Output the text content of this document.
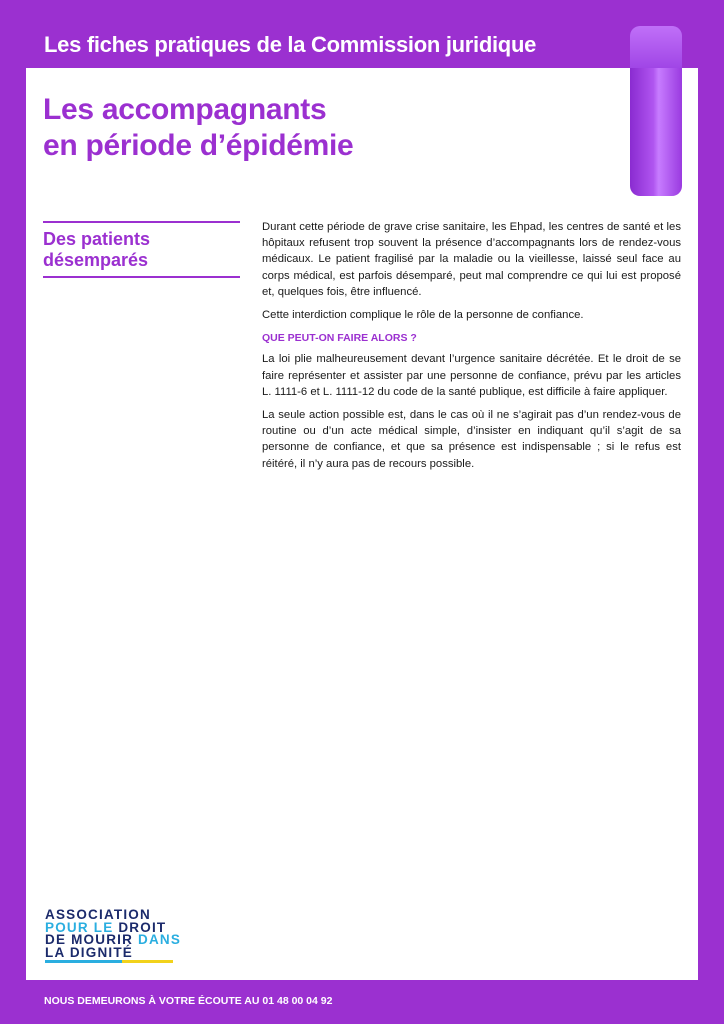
Les fiches pratiques de la Commission juridique
Les accompagnants
en période d’épidémie
Des patients
désemparés

Durant cette période de grave crise sanitaire, les Ehpad, les centres de santé et les hôpitaux refusent trop souvent la présence d’accompagnants lors de rendez-vous médicaux. Le patient fragilisé par la maladie ou la vieillesse, laissé seul face au corps médical, est parfois désemparé, peut mal comprendre ce qui lui est proposé et, quelques fois, être influencé.

Cette interdiction complique le rôle de la personne de confiance.

QUE PEUT-ON FAIRE ALORS ?

La loi plie malheureusement devant l’urgence sanitaire décrétée. Et le droit de se faire représenter et assister par une personne de confiance, prévu par les articles L. 1111-6 et L. 1111-12 du code de la santé publique, est difficile à faire appliquer.

La seule action possible est, dans le cas où il ne s’agirait pas d’un rendez-vous de routine ou d’un acte médical simple, d’insister en indiquant qu’il s’agit de sa personne de confiance, et que sa présence est indispensable ; si le refus est réitéré, il n’y aura pas de recours possible.

ASSOCIATION
POUR LE DROIT
DE MOURIR DANS
LA DIGNITÉ
NOUS DEMEURONS À VOTRE ÉCOUTE AU 01 48 00 04 92
